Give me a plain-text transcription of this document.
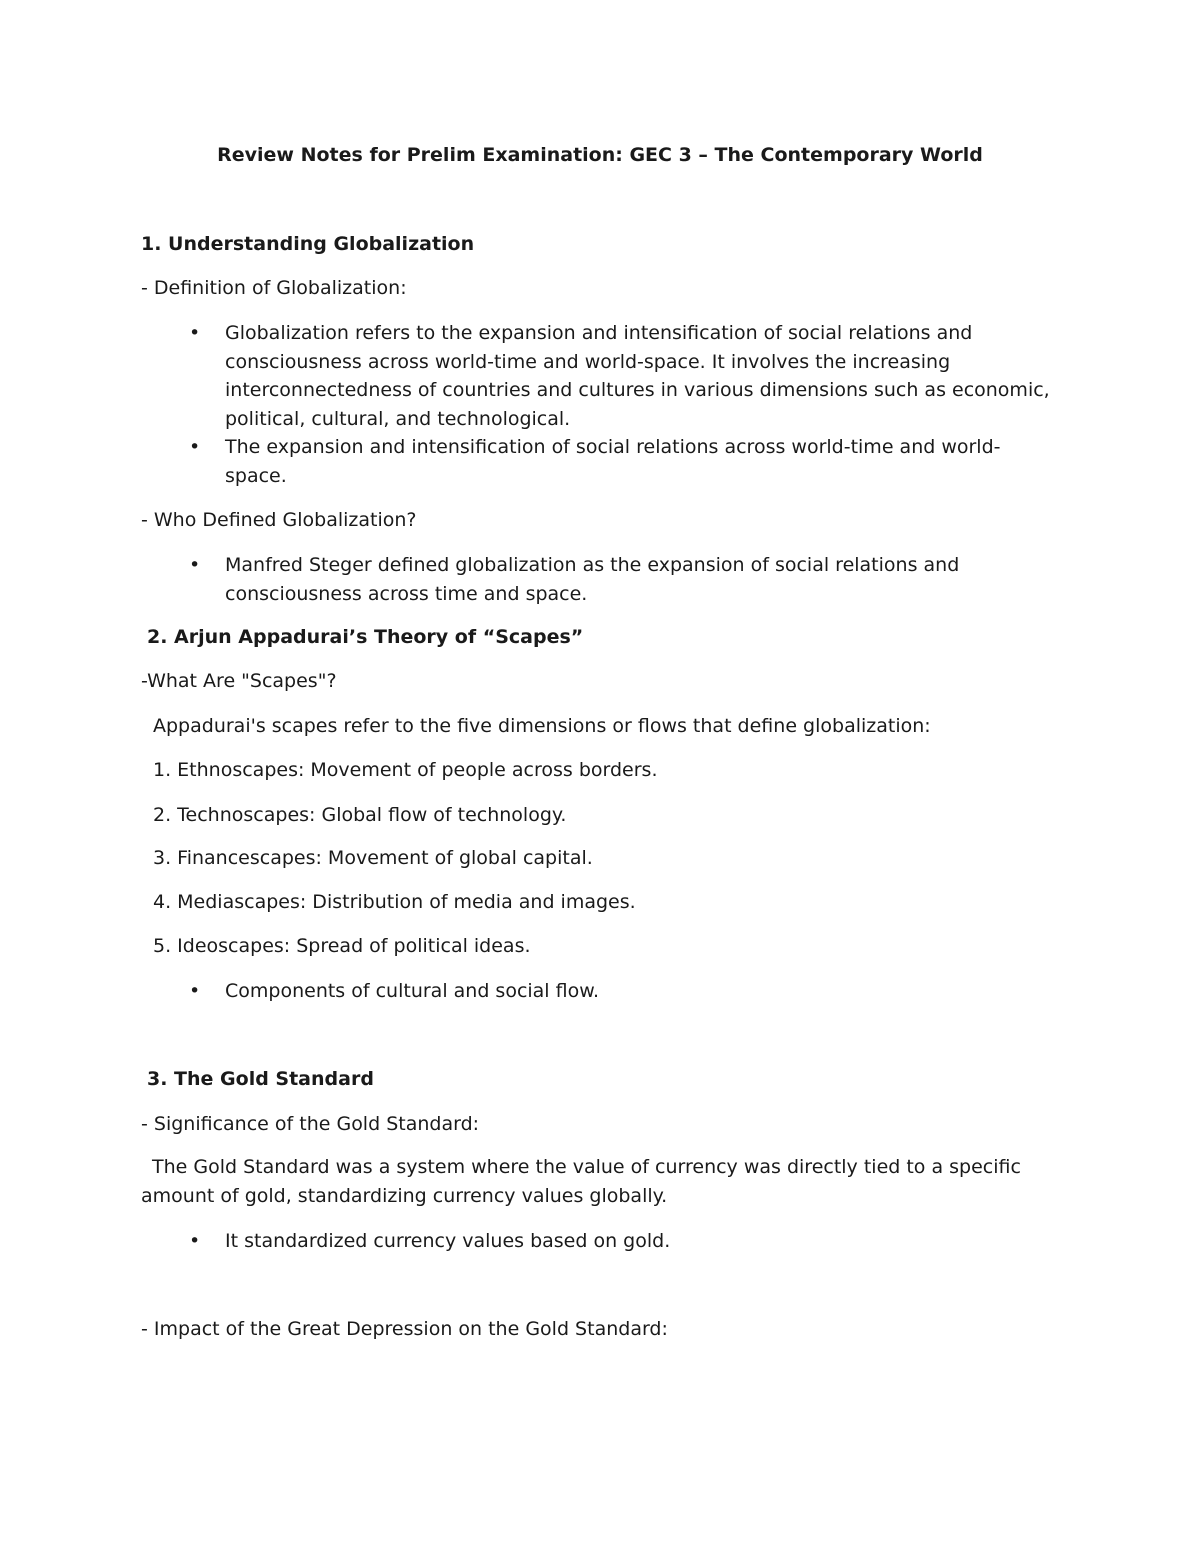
Review Notes for Prelim Examination: GEC 3 – The Contemporary World

1. Understanding Globalization

- Definition of Globalization:

• Globalization refers to the expansion and intensification of social relations and consciousness across world-time and world-space. It involves the increasing interconnectedness of countries and cultures in various dimensions such as economic, political, cultural, and technological.
• The expansion and intensification of social relations across world-time and world-space.

- Who Defined Globalization?

• Manfred Steger defined globalization as the expansion of social relations and consciousness across time and space.

2. Arjun Appadurai’s Theory of “Scapes”

-What Are "Scapes"?

Appadurai's scapes refer to the five dimensions or flows that define globalization:

1. Ethnoscapes: Movement of people across borders.

2. Technoscapes: Global flow of technology.

3. Financescapes: Movement of global capital.

4. Mediascapes: Distribution of media and images.

5. Ideoscapes: Spread of political ideas.

• Components of cultural and social flow.

3. The Gold Standard

- Significance of the Gold Standard:

The Gold Standard was a system where the value of currency was directly tied to a specific amount of gold, standardizing currency values globally.

• It standardized currency values based on gold.

- Impact of the Great Depression on the Gold Standard:
